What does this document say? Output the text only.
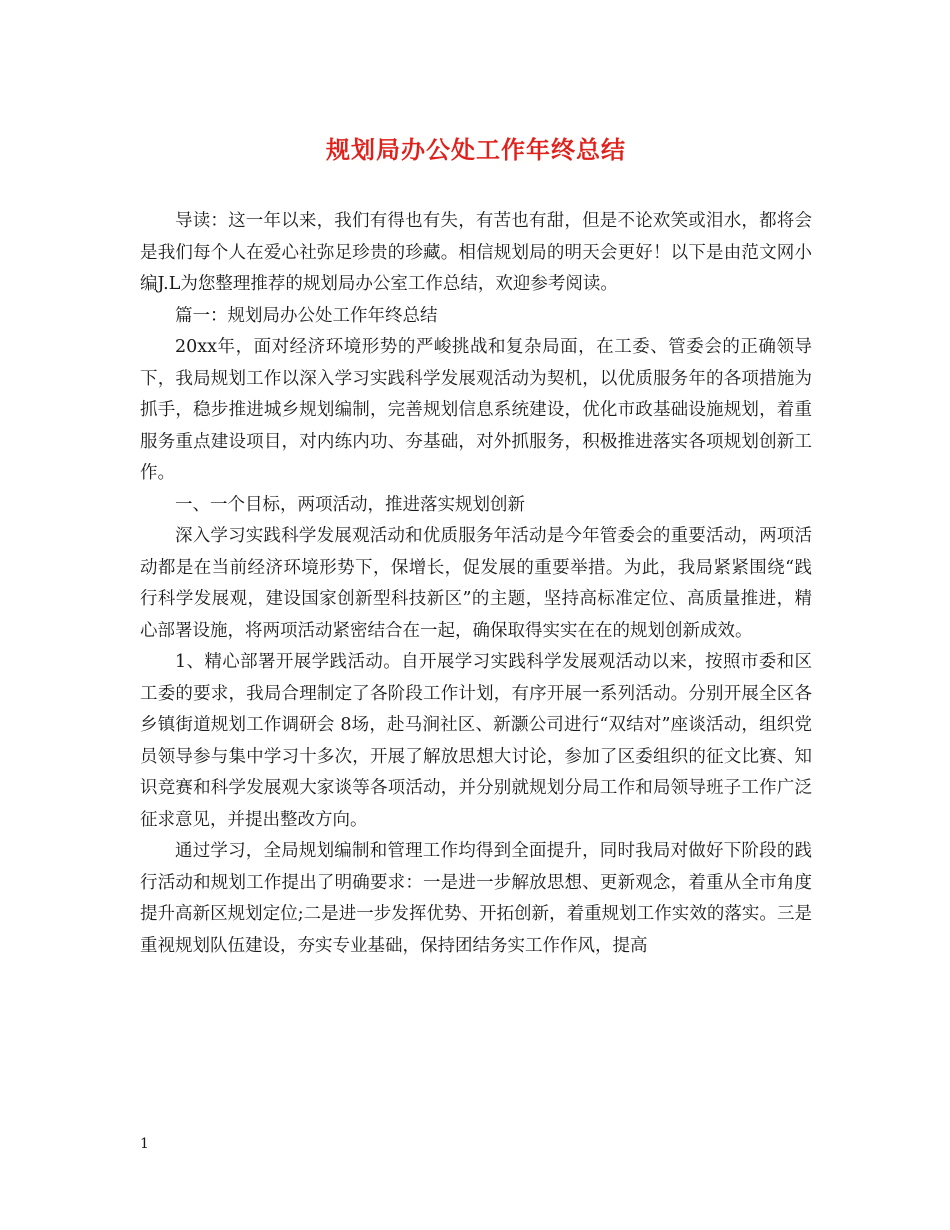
规划局办公处工作年终总结

导读：这一年以来，我们有得也有失，有苦也有甜，但是不论欢笑或泪水，都将会是我们每个人在爱心社弥足珍贵的珍藏。相信规划局的明天会更好！以下是由范文网小编J.L为您整理推荐的规划局办公室工作总结，欢迎参考阅读。

篇一：规划局办公处工作年终总结

20xx年，面对经济环境形势的严峻挑战和复杂局面，在工委、管委会的正确领导下，我局规划工作以深入学习实践科学发展观活动为契机，以优质服务年的各项措施为抓手，稳步推进城乡规划编制，完善规划信息系统建设，优化市政基础设施规划，着重服务重点建设项目，对内练内功、夯基础，对外抓服务，积极推进落实各项规划创新工作。

一、一个目标，两项活动，推进落实规划创新

深入学习实践科学发展观活动和优质服务年活动是今年管委会的重要活动，两项活动都是在当前经济环境形势下，保增长，促发展的重要举措。为此，我局紧紧围绕“践行科学发展观，建设国家创新型科技新区”的主题，坚持高标准定位、高质量推进，精心部署设施，将两项活动紧密结合在一起，确保取得实实在在的规划创新成效。

1、精心部署开展学践活动。自开展学习实践科学发展观活动以来，按照市委和区工委的要求，我局合理制定了各阶段工作计划，有序开展一系列活动。分别开展全区各乡镇街道规划工作调研会 8场，赴马涧社区、新灏公司进行“双结对”座谈活动，组织党员领导参与集中学习十多次，开展了解放思想大讨论，参加了区委组织的征文比赛、知识竞赛和科学发展观大家谈等各项活动，并分别就规划分局工作和局领导班子工作广泛征求意见，并提出整改方向。

通过学习，全局规划编制和管理工作均得到全面提升，同时我局对做好下阶段的践行活动和规划工作提出了明确要求：一是进一步解放思想、更新观念，着重从全市角度提升高新区规划定位;二是进一步发挥优势、开拓创新，着重规划工作实效的落实。三是重视规划队伍建设，夯实专业基础，保持团结务实工作作风，提高

1
